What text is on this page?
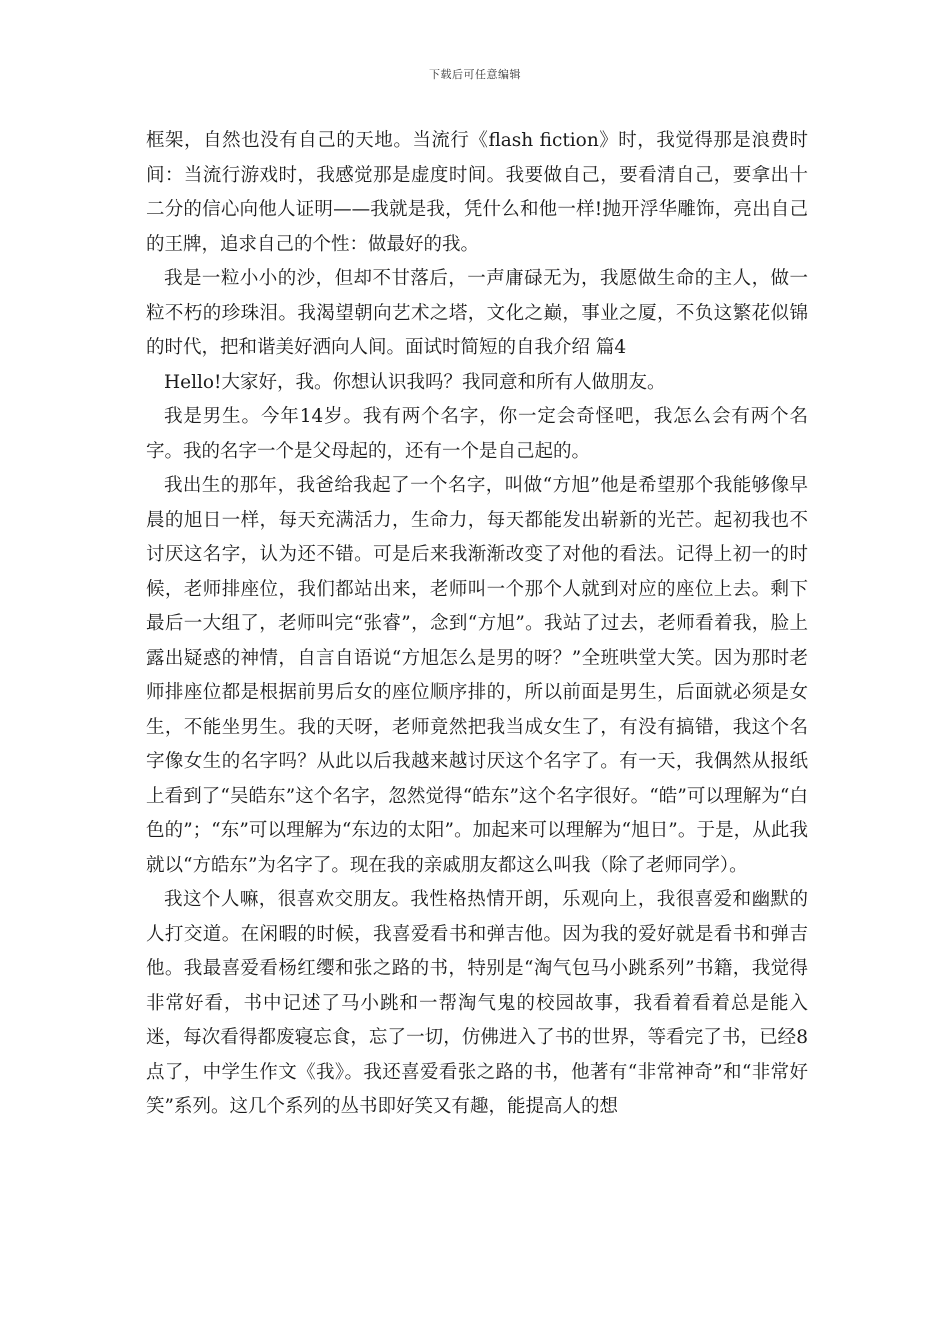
下载后可任意编辑

框架，自然也没有自己的天地。当流行《flash fiction》时，我觉得那是浪费时间：当流行游戏时，我感觉那是虚度时间。我要做自己，要看清自己，要拿出十二分的信心向他人证明——我就是我，凭什么和他一样!抛开浮华雕饰，亮出自己的王牌，追求自己的个性：做最好的我。

我是一粒小小的沙，但却不甘落后，一声庸碌无为，我愿做生命的主人，做一粒不朽的珍珠泪。我渴望朝向艺术之塔，文化之巅，事业之厦，不负这繁花似锦的时代，把和谐美好洒向人间。面试时简短的自我介绍 篇4

Hello!大家好，我。你想认识我吗？我同意和所有人做朋友。

我是男生。今年14岁。我有两个名字，你一定会奇怪吧，我怎么会有两个名字。我的名字一个是父母起的，还有一个是自己起的。

我出生的那年，我爸给我起了一个名字，叫做“方旭”他是希望那个我能够像早晨的旭日一样，每天充满活力，生命力，每天都能发出崭新的光芒。起初我也不讨厌这名字，认为还不错。可是后来我渐渐改变了对他的看法。记得上初一的时候，老师排座位，我们都站出来，老师叫一个那个人就到对应的座位上去。剩下最后一大组了，老师叫完“张睿”，念到“方旭”。我站了过去，老师看着我，脸上露出疑惑的神情，自言自语说“方旭怎么是男的呀？”全班哄堂大笑。因为那时老师排座位都是根据前男后女的座位顺序排的，所以前面是男生，后面就必须是女生，不能坐男生。我的天呀，老师竟然把我当成女生了，有没有搞错，我这个名字像女生的名字吗？从此以后我越来越讨厌这个名字了。有一天，我偶然从报纸上看到了“吴皓东”这个名字，忽然觉得“皓东”这个名字很好。“皓”可以理解为“白色的”；“东”可以理解为“东边的太阳”。加起来可以理解为“旭日”。于是，从此我就以“方皓东”为名字了。现在我的亲戚朋友都这么叫我（除了老师同学）。

我这个人嘛，很喜欢交朋友。我性格热情开朗，乐观向上，我很喜爱和幽默的人打交道。在闲暇的时候，我喜爱看书和弹吉他。因为我的爱好就是看书和弹吉他。我最喜爱看杨红缨和张之路的书，特别是“淘气包马小跳系列”书籍，我觉得非常好看，书中记述了马小跳和一帮淘气鬼的校园故事，我看着看着总是能入迷，每次看得都废寝忘食，忘了一切，仿佛进入了书的世界，等看完了书，已经8点了，中学生作文《我》。我还喜爱看张之路的书，他著有“非常神奇”和“非常好笑”系列。这几个系列的丛书即好笑又有趣，能提高人的想
